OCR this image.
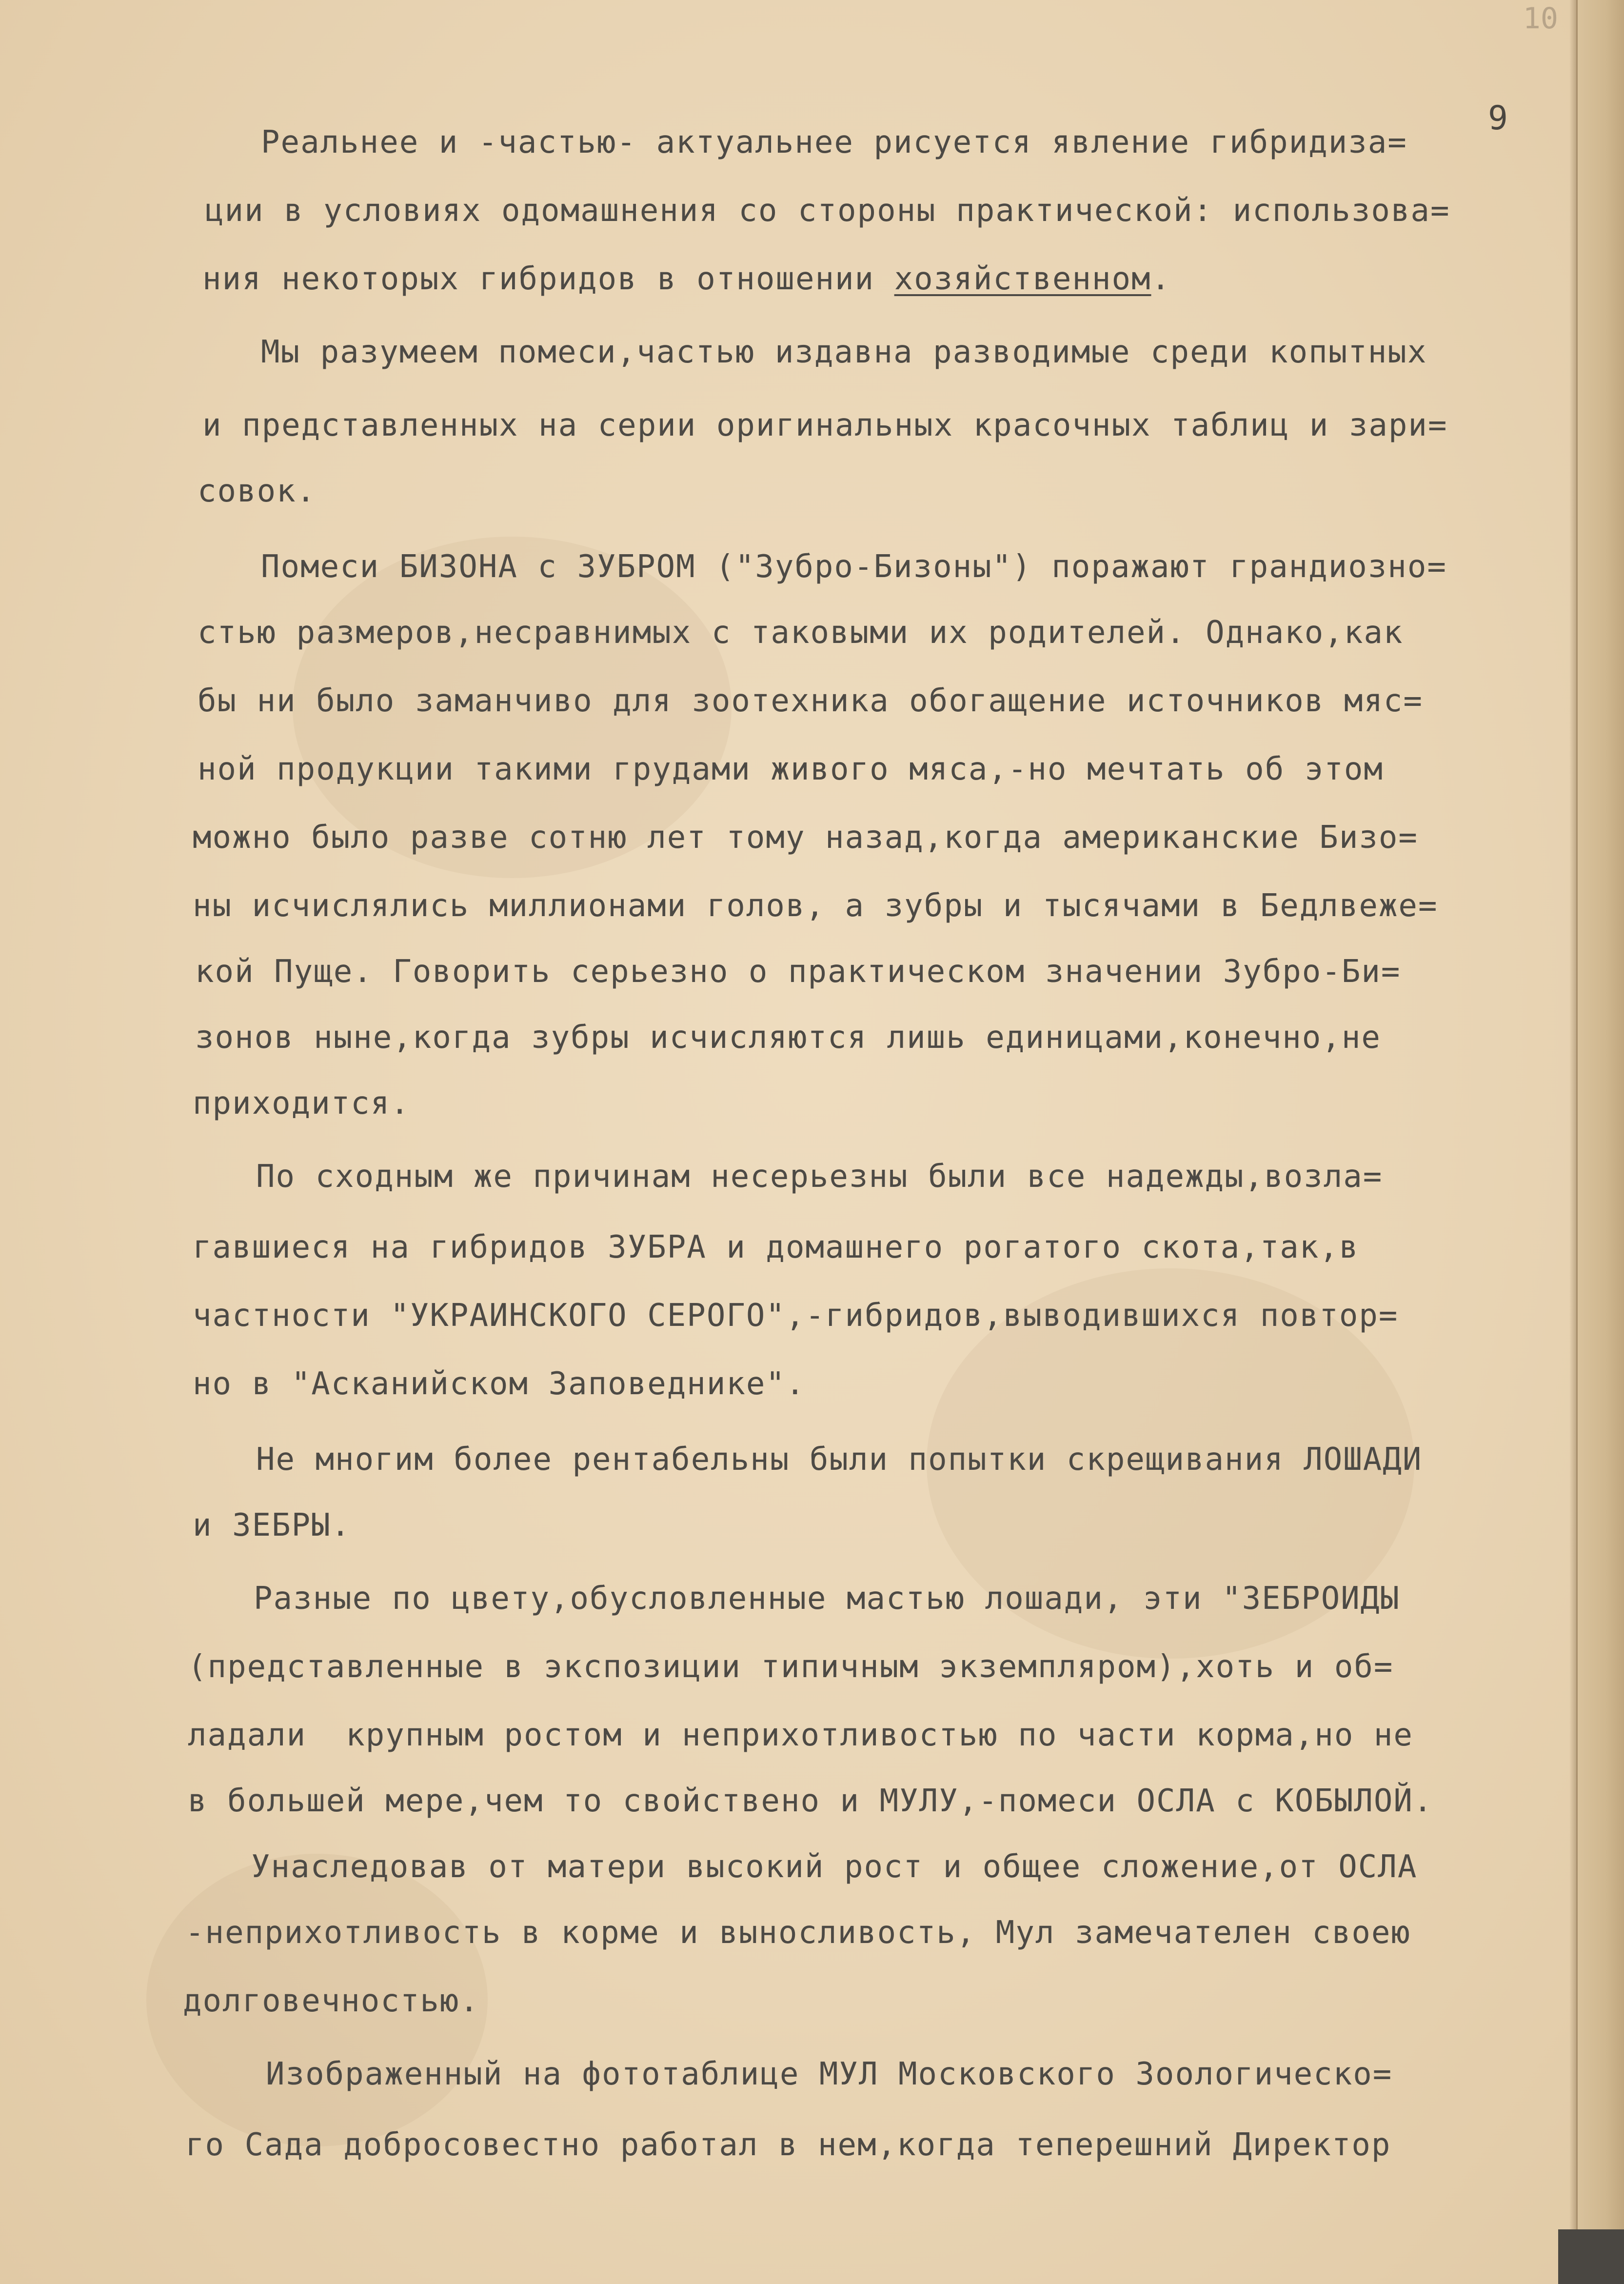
10
9
Реальнее и -частью- актуальнее рисуется явление гибридиза=
ции в условиях одомашнения со стороны практической: использова=
ния некоторых гибридов в отношении хозяйственном.
Мы разумеем помеси,частью издавна разводимые среди копытных
и представленных на серии оригинальных красочных таблиц и зари=
совок.
Помеси БИЗОНА с ЗУБРОМ ("Зубро-Бизоны") поражают грандиозно=
стью размеров,несравнимых с таковыми их родителей. Однако,как
бы ни было заманчиво для зоотехника обогащение источников мяс=
ной продукции такими грудами живого мяса,-но мечтать об этом
можно было разве сотню лет тому назад,когда американские Бизо=
ны исчислялись миллионами голов, а зубры и тысячами в Бедлвеже=
кой Пуще. Говорить серьезно о практическом значении Зубро-Би=
зонов ныне,когда зубры исчисляются лишь единицами,конечно,не
приходится.
По сходным же причинам несерьезны были все надежды,возла=
гавшиеся на гибридов ЗУБРА и домашнего рогатого скота,так,в
частности "УКРАИНСКОГО СЕРОГО",-гибридов,выводившихся повтор=
но в "Асканийском Заповеднике".
Не многим более рентабельны были попытки скрещивания ЛОШАДИ
и ЗЕБРЫ.
Разные по цвету,обусловленные мастью лошади, эти "ЗЕБРОИДЫ
(представленные в экспозиции типичным экземпляром),хоть и об=
ладали  крупным ростом и неприхотливостью по части корма,но не
в большей мере,чем то свойствено и МУЛУ,-помеси ОСЛА с КОБЫЛОЙ.
Унаследовав от матери высокий рост и общее сложение,от ОСЛА
-неприхотливость в корме и выносливость, Мул замечателен своею
долговечностью.
Изображенный на фототаблице МУЛ Московского Зоологическо=
го Сада добросовестно работал в нем,когда теперешний Директор
